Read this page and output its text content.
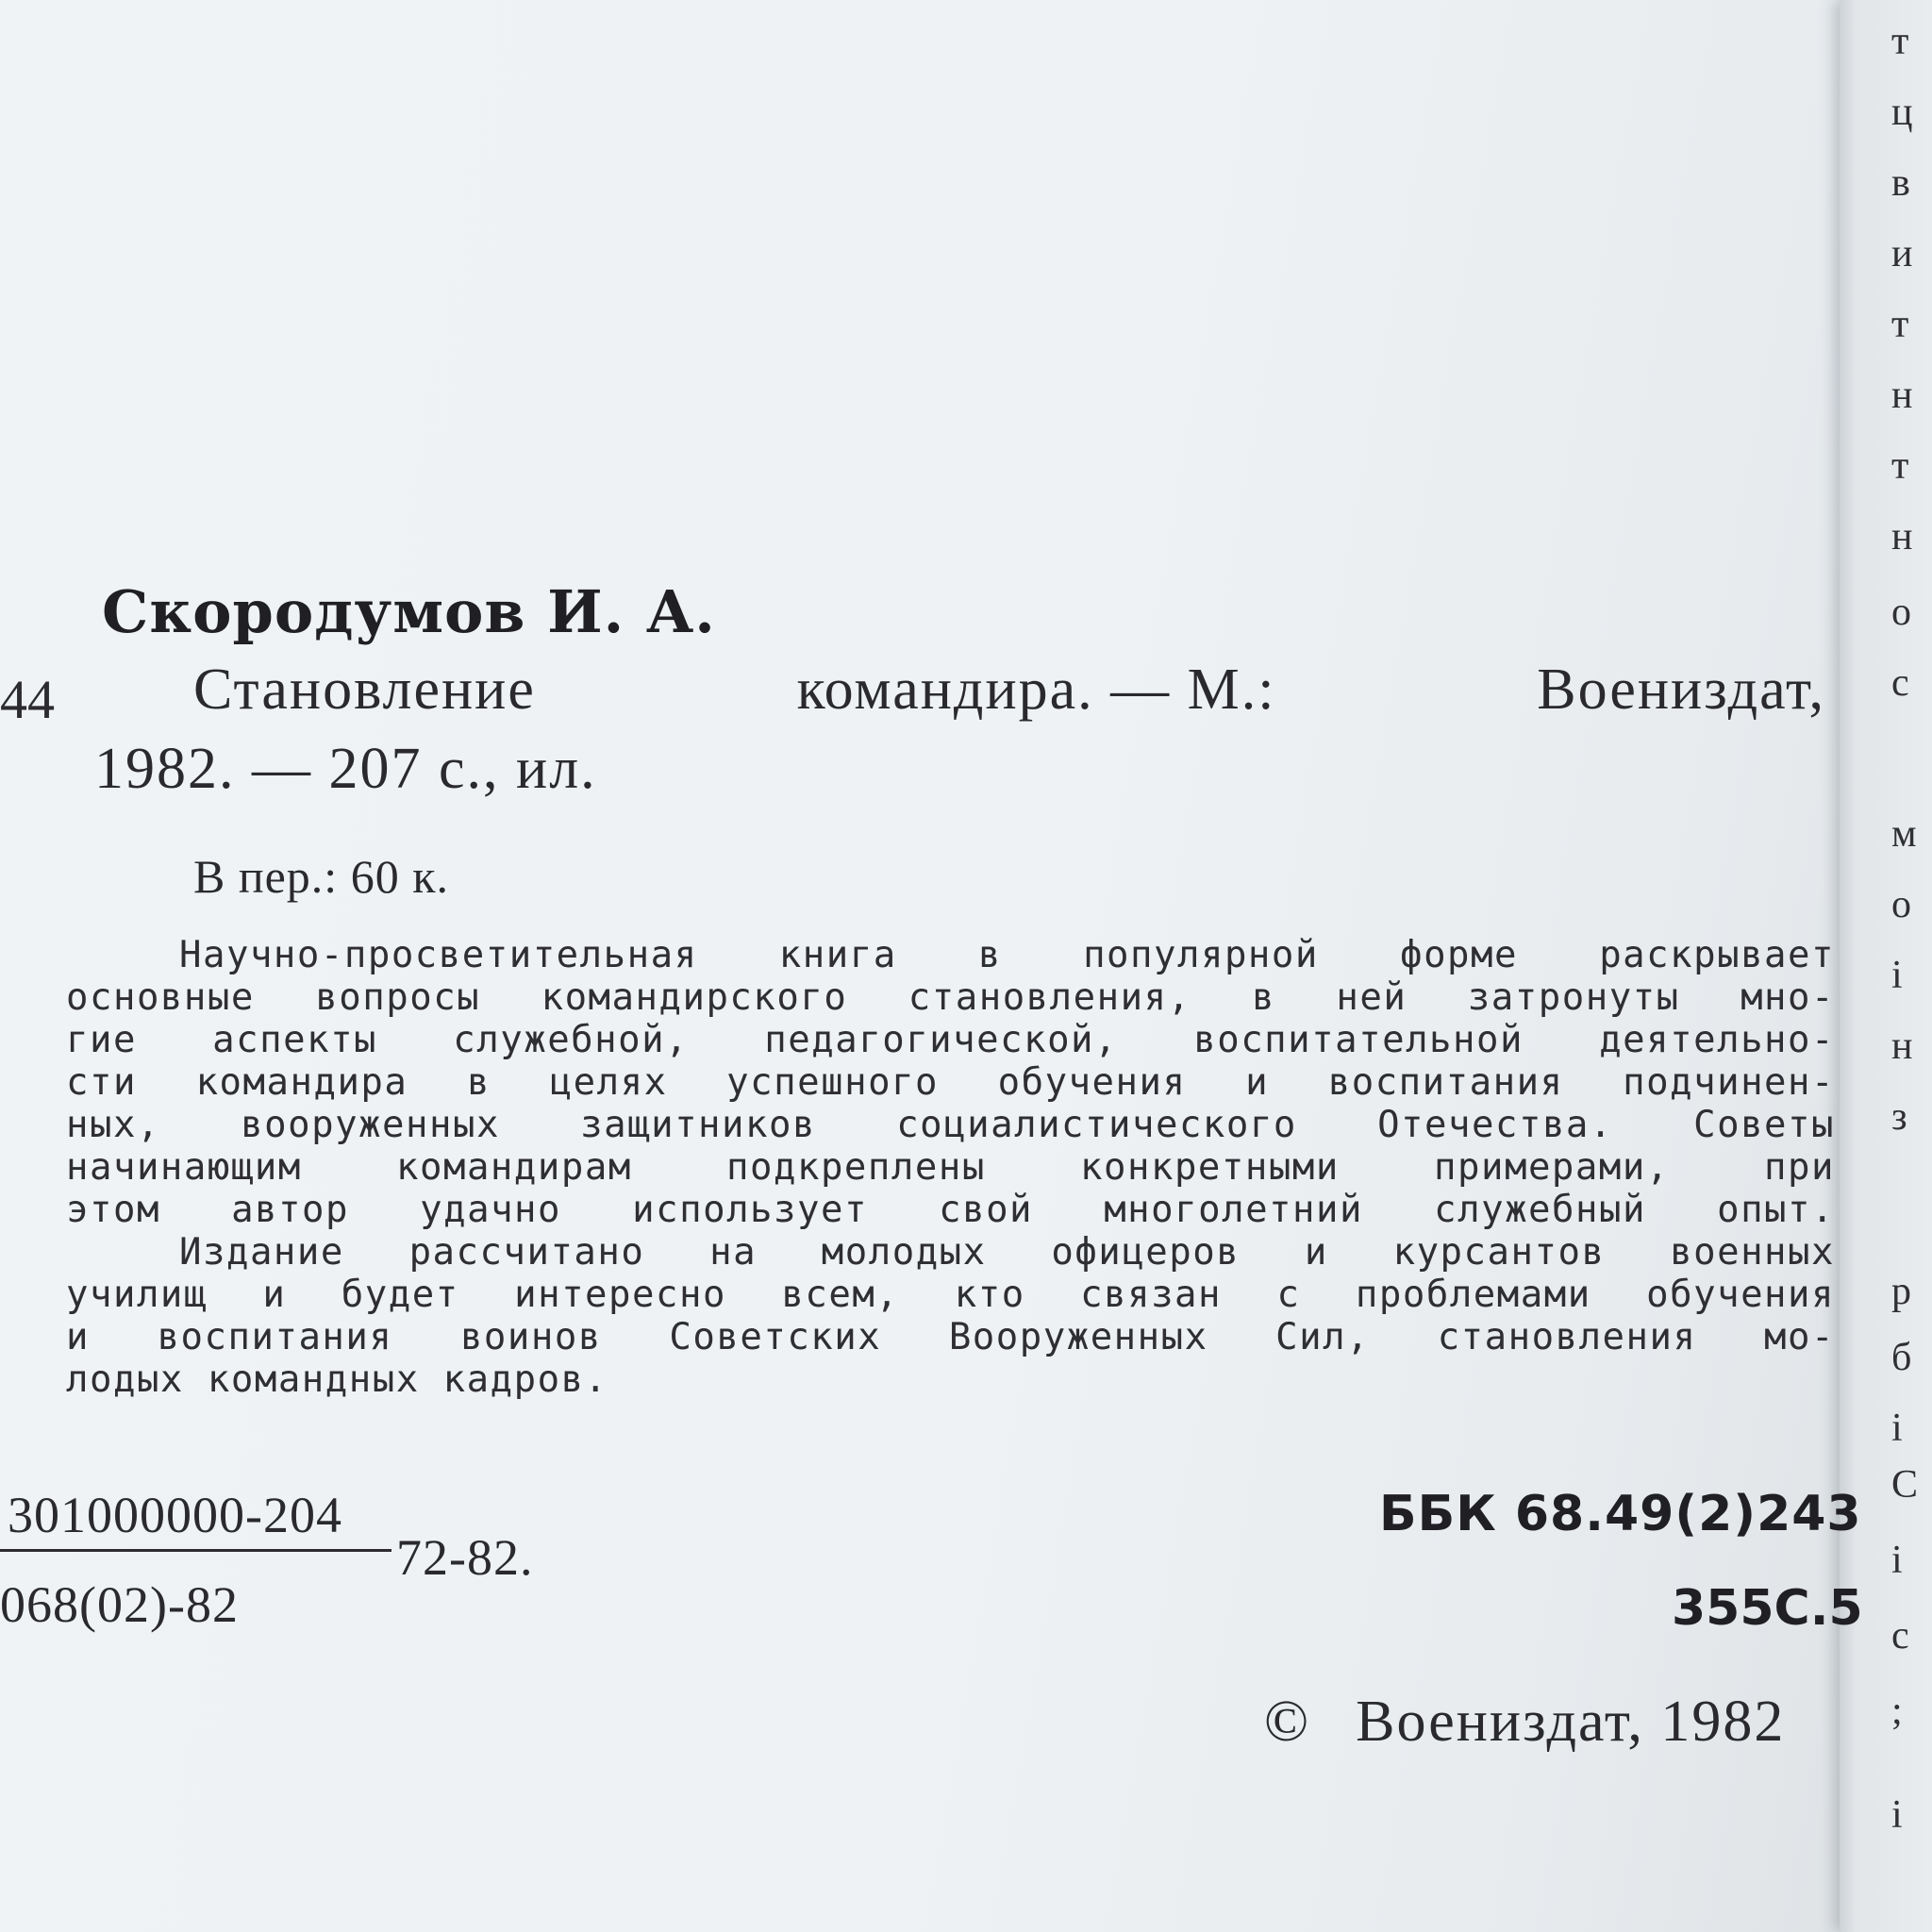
Скородумов И. А.
44 Становление	командира. — М.:	Воениздат,
1982. — 207 с., ил.
В пер.: 60 к.

Научно-просветительная книга в популярной форме раскрывает

основные вопросы командирского становления, в ней затронуты мно-

гие аспекты служебной, педагогической, воспитательной деятельно-

сти командира в целях успешного обучения и воспитания подчинен-

ных, вооруженных защитников социалистического Отечества. Советы

начинающим командирам подкреплены конкретными примерами, при

этом автор удачно использует свой многолетний служебный опыт.

Издание рассчитано на молодых офицеров и курсантов военных

училищ и будет интересно всем, кто связан с проблемами обучения

и воспитания воинов Советских Вооруженных Сил, становления мо-

лодых командных кадров.

301000000-204
068(02)-82
72-82.
ББК 68.49(2)243
355С.5
© Воениздат, 1982
т
ц
в
и
т
н
т
н
о
с
м
о
і
н
з
р
б
і
С
і
с
;
і
